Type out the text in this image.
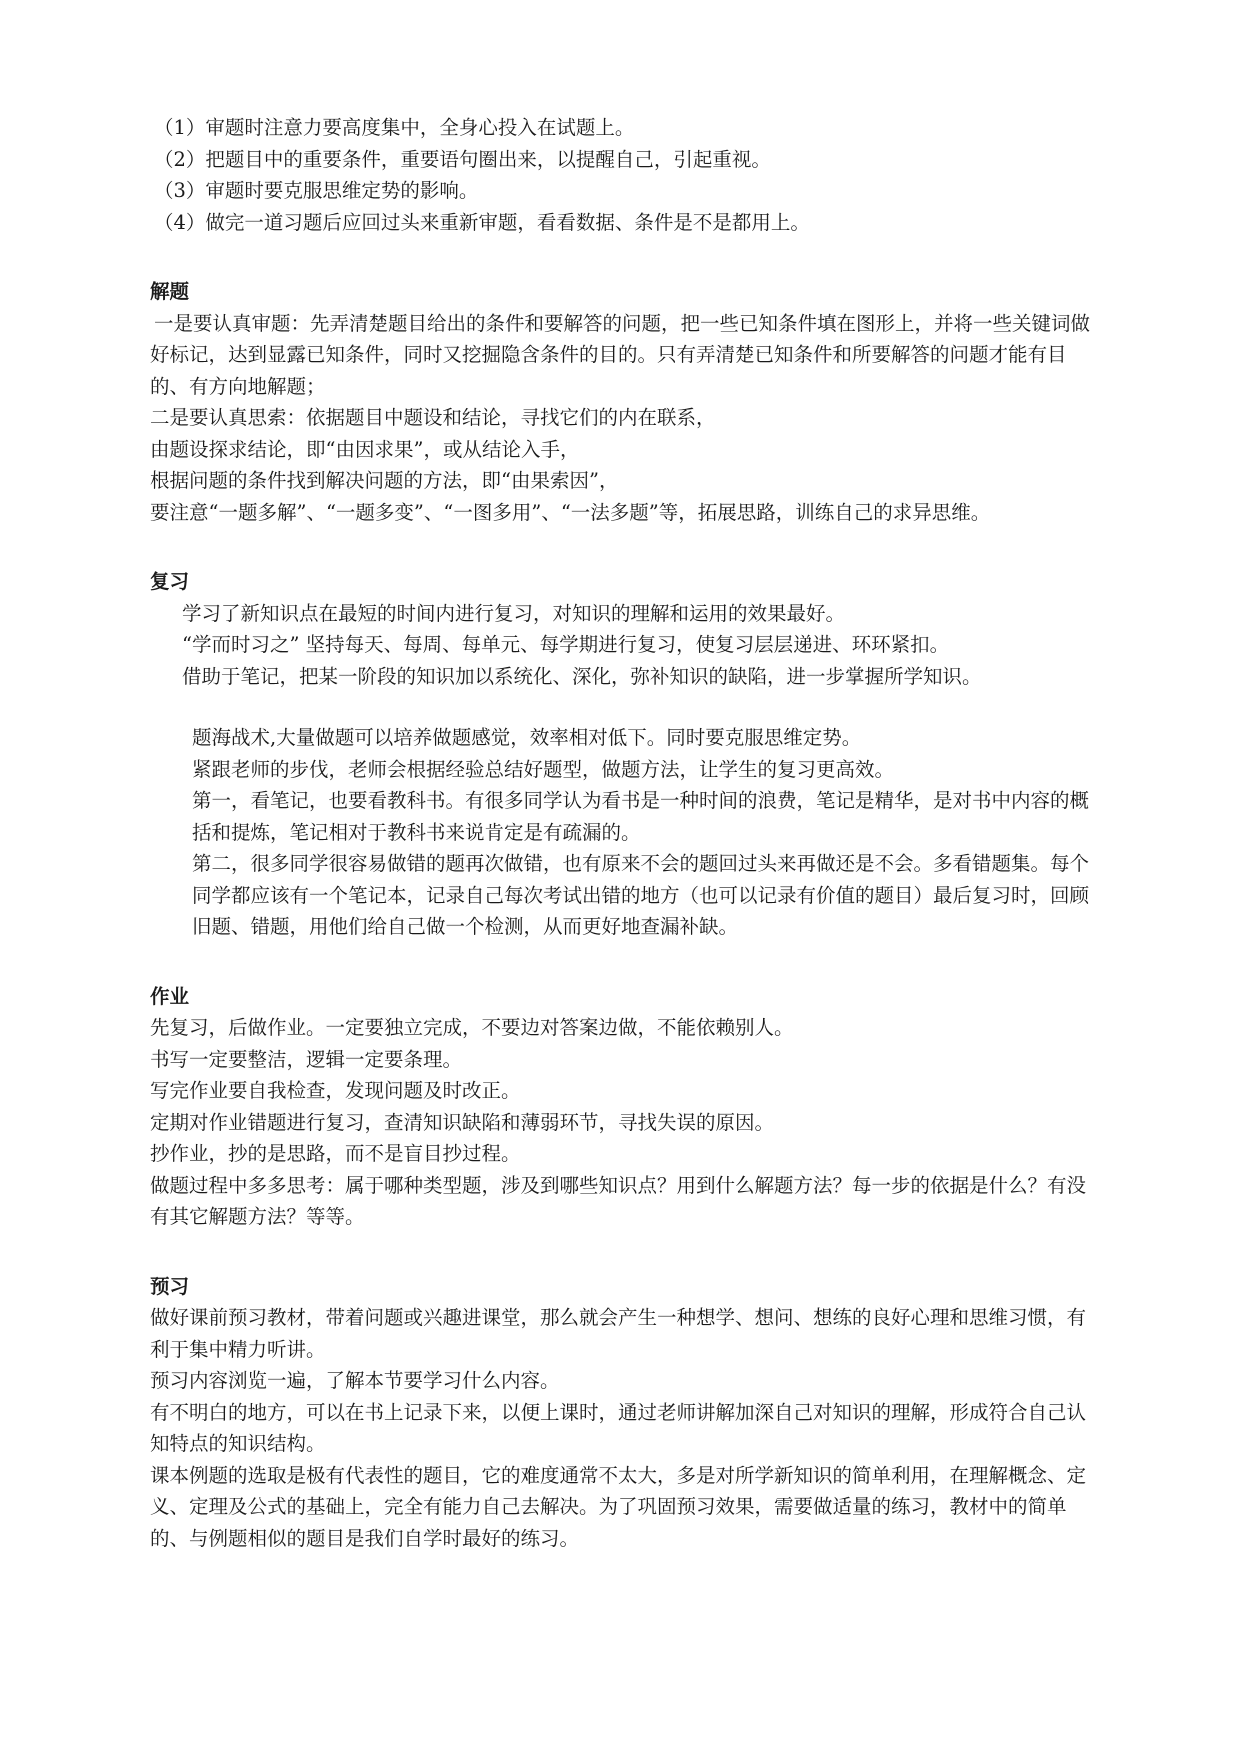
（1）审题时注意力要高度集中，全身心投入在试题上。

（2）把题目中的重要条件，重要语句圈出来，以提醒自己，引起重视。

（3）审题时要克服思维定势的影响。

（4）做完一道习题后应回过头来重新审题，看看数据、条件是不是都用上。

解题

一是要认真审题：先弄清楚题目给出的条件和要解答的问题，把一些已知条件填在图形上，并将一些关键词做好标记，达到显露已知条件，同时又挖掘隐含条件的目的。只有弄清楚已知条件和所要解答的问题才能有目的、有方向地解题；

二是要认真思索：依据题目中题设和结论，寻找它们的内在联系，

由题设探求结论，即“由因求果”，或从结论入手，

根据问题的条件找到解决问题的方法，即“由果索因”，

要注意“一题多解”、“一题多变”、“一图多用”、“一法多题”等，拓展思路，训练自己的求异思维。

复习

学习了新知识点在最短的时间内进行复习，对知识的理解和运用的效果最好。

“学而时习之” 坚持每天、每周、每单元、每学期进行复习，使复习层层递进、环环紧扣。

借助于笔记，把某一阶段的知识加以系统化、深化，弥补知识的缺陷，进一步掌握所学知识。

题海战术,大量做题可以培养做题感觉，效率相对低下。同时要克服思维定势。

紧跟老师的步伐，老师会根据经验总结好题型，做题方法，让学生的复习更高效。

第一，看笔记，也要看教科书。有很多同学认为看书是一种时间的浪费，笔记是精华，是对书中内容的概括和提炼，笔记相对于教科书来说肯定是有疏漏的。

第二，很多同学很容易做错的题再次做错，也有原来不会的题回过头来再做还是不会。多看错题集。每个同学都应该有一个笔记本，记录自己每次考试出错的地方（也可以记录有价值的题目）最后复习时，回顾旧题、错题，用他们给自己做一个检测，从而更好地查漏补缺。

作业

先复习，后做作业。一定要独立完成，不要边对答案边做，不能依赖别人。

书写一定要整洁，逻辑一定要条理。

写完作业要自我检查，发现问题及时改正。

定期对作业错题进行复习，查清知识缺陷和薄弱环节，寻找失误的原因。

抄作业，抄的是思路，而不是盲目抄过程。

做题过程中多多思考：属于哪种类型题，涉及到哪些知识点？用到什么解题方法？每一步的依据是什么？有没有其它解题方法？等等。

预习

做好课前预习教材，带着问题或兴趣进课堂，那么就会产生一种想学、想问、想练的良好心理和思维习惯，有利于集中精力听讲。

预习内容浏览一遍，了解本节要学习什么内容。

有不明白的地方，可以在书上记录下来，以便上课时，通过老师讲解加深自己对知识的理解，形成符合自己认知特点的知识结构。

课本例题的选取是极有代表性的题目，它的难度通常不太大，多是对所学新知识的简单利用，在理解概念、定义、定理及公式的基础上，完全有能力自己去解决。为了巩固预习效果，需要做适量的练习，教材中的简单的、与例题相似的题目是我们自学时最好的练习。
